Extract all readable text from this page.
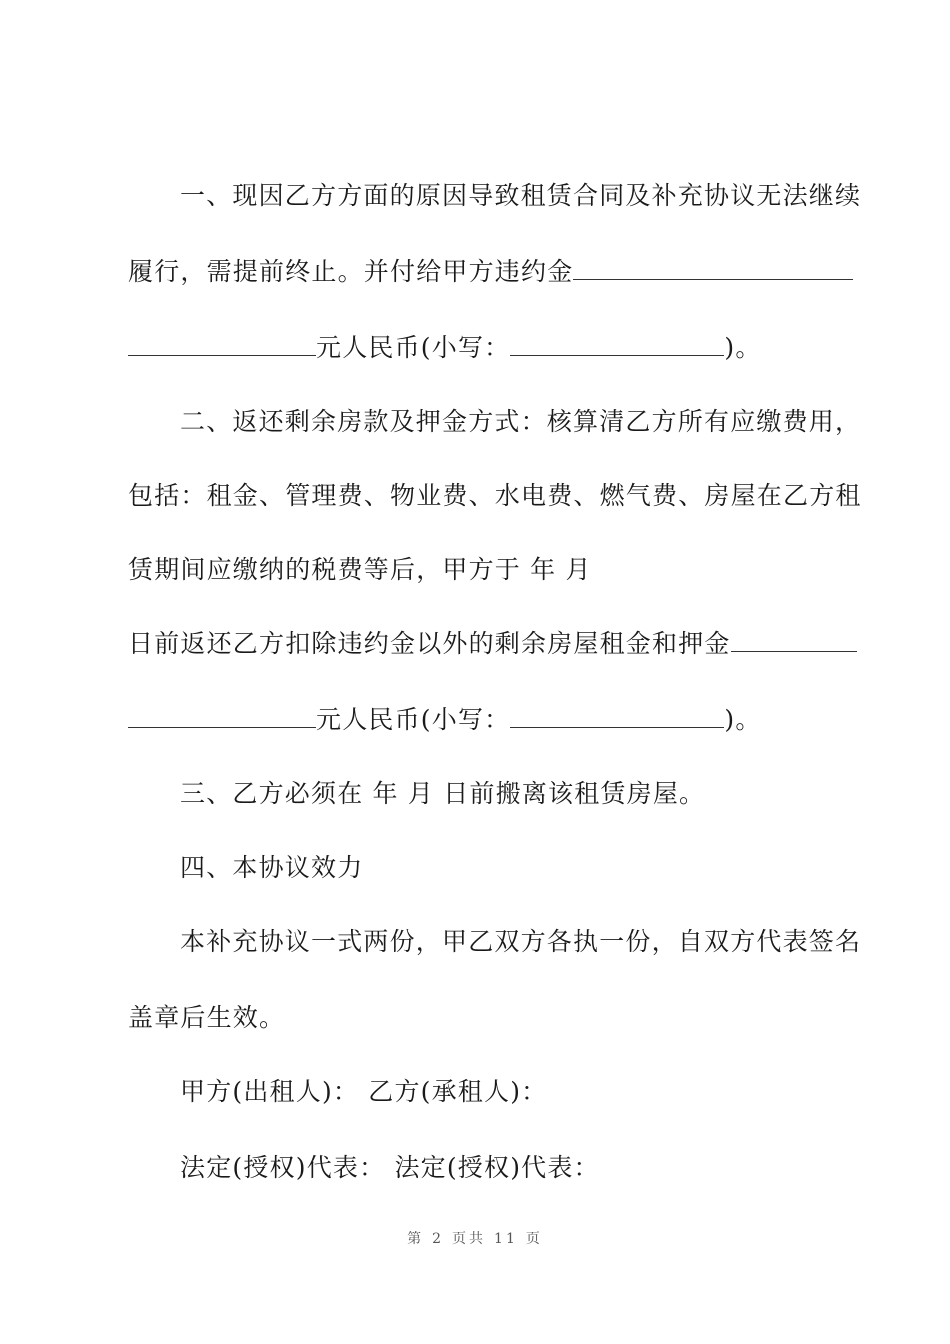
一、现因乙方方面的原因导致租赁合同及补充协议无法继续
履行，需提前终止。并付给甲方违约金
元人民币(小写：	)。
二、返还剩余房款及押金方式：核算清乙方所有应缴费用，
包括：租金、管理费、物业费、水电费、燃气费、房屋在乙方租
赁期间应缴纳的税费等后，甲方于 年 月
日前返还乙方扣除违约金以外的剩余房屋租金和押金
元人民币(小写：	)。
三、乙方必须在 年 月 日前搬离该租赁房屋。
四、本协议效力
本补充协议一式两份，甲乙双方各执一份，自双方代表签名
盖章后生效。
甲方(出租人)： 乙方(承租人)：
法定(授权)代表： 法定(授权)代表：
第 2 页共 11 页
